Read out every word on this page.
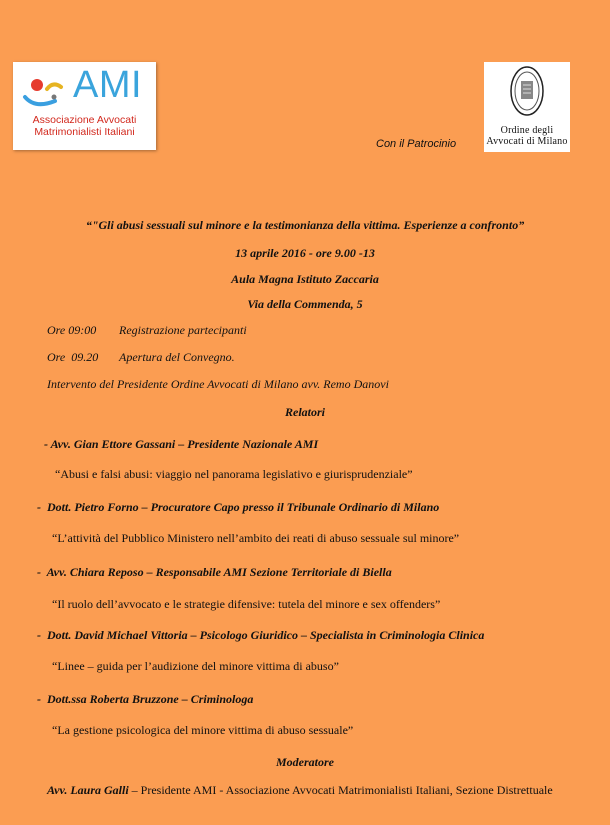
AMI
Associazione Avvocati
Matrimonialisti Italiani	Ordine degli
Avvocati di Milano
Con il Patrocinio
“"Gli abusi sessuali sul minore e la testimonianza della vittima. Esperienze a confronto”
13 aprile 2016 - ore 9.00 -13
Aula Magna Istituto Zaccaria
Via della Commenda, 5
Ore 09:00 Registrazione partecipanti
Ore  09.20 Apertura del Convegno.
Intervento del Presidente Ordine Avvocati di Milano avv. Remo Danovi
Relatori
- Avv. Gian Ettore Gassani – Presidente Nazionale AMI
“Abusi e falsi abusi: viaggio nel panorama legislativo e giurisprudenziale”
-  Dott. Pietro Forno – Procuratore Capo presso il Tribunale Ordinario di Milano
“L’attività del Pubblico Ministero nell’ambito dei reati di abuso sessuale sul minore”
-  Avv. Chiara Reposo – Responsabile AMI Sezione Territoriale di Biella
“Il ruolo dell’avvocato e le strategie difensive: tutela del minore e sex offenders”
-  Dott. David Michael Vittoria – Psicologo Giuridico – Specialista in Criminologia Clinica
“Linee – guida per l’audizione del minore vittima di abuso”
-  Dott.ssa Roberta Bruzzone – Criminologa
“La gestione psicologica del minore vittima di abuso sessuale”
Moderatore
Avv. Laura Galli – Presidente AMI - Associazione Avvocati Matrimonialisti Italiani, Sezione Distrettuale
